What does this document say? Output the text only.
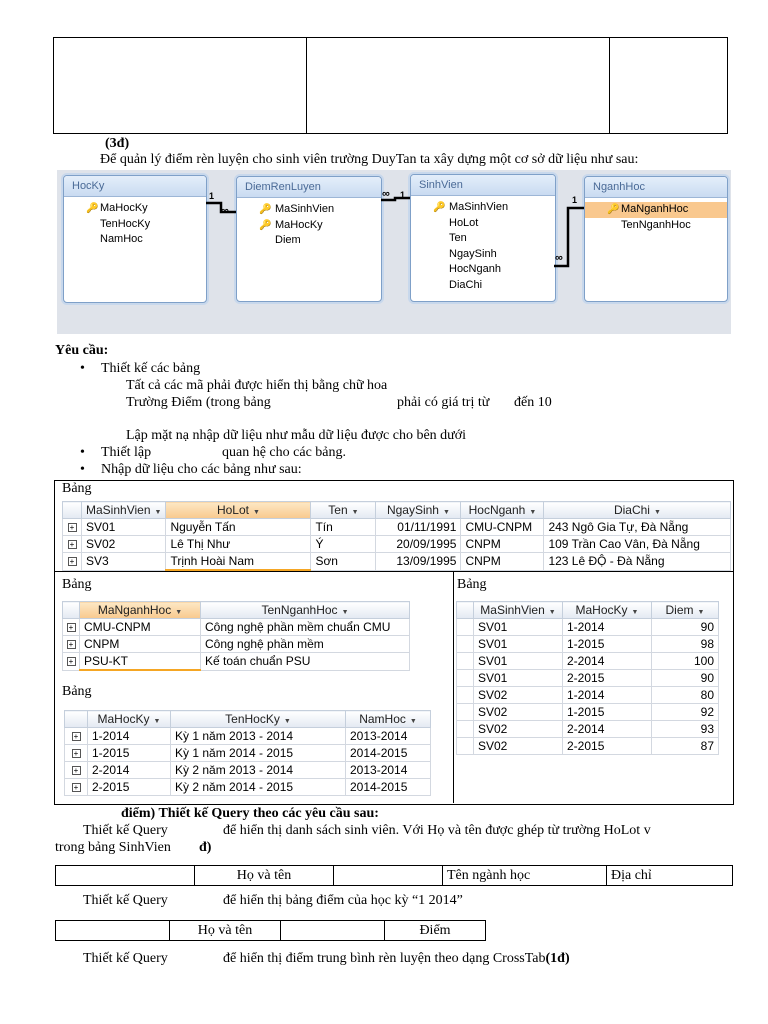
(3đ)
Để quản lý điểm rèn luyện cho sinh viên trường DuyTan ta xây dựng một cơ sở dữ liệu như sau:
HocKy
🔑 MaHocKy
TenHocKy
NamHoc
DiemRenLuyen
🔑 MaSinhVien
🔑 MaHocKy
Diem
SinhVien
🔑 MaSinhVien
HoLot
Ten
NgaySinh
HocNganh
DiaChi
NganhHoc
🔑 MaNganhHoc
TenNganhHoc
1
∞
∞ 1	1
∞
Yêu cầu:
• Thiết kế các bảng
Tất cả các mã phải được hiển thị bằng chữ hoa
Trường Điểm (trong bảng	phải có giá trị từ đến 10
Lập mặt nạ nhập dữ liệu như mẫu dữ liệu được cho bên dưới
• Thiết lập	quan hệ cho các bảng.
• Nhập dữ liệu cho các bảng như sau:
Bảng
	MaSinhVien ▼	HoLot ▼	Ten ▼	NgaySinh ▼	HocNganh ▼	DiaChi ▼
+	SV01	Nguyễn Tấn	Tín	01/11/1991	CMU-CNPM	243 Ngô Gia Tự, Đà Nẵng
+	SV02	Lê Thị Như	Ý	20/09/1995	CNPM	109 Trần Cao Vân, Đà Nẵng
+	SV3	Trịnh Hoài Nam	Sơn	13/09/1995	CNPM	123 Lê ĐỘ - Đà Nẵng
Bảng
	MaNganhHoc ▼	TenNganhHoc ▼
+	CMU-CNPM	Công nghệ phần mềm chuẩn CMU
+	CNPM	Công nghệ phần mềm
+	PSU-KT	Kế toán chuẩn PSU
Bảng
	MaHocKy ▼	TenHocKy ▼	NamHoc ▼
+	1-2014	Kỳ 1 năm 2013 - 2014	2013-2014
+	1-2015	Kỳ 1 năm 2014 - 2015	2014-2015
+	2-2014	Kỳ 2 năm 2013 - 2014	2013-2014
+	2-2015	Kỳ 2 năm 2014 - 2015	2014-2015
Bảng
	MaSinhVien ▼	MaHocKy ▼	Diem ▼
	SV01	1-2014	90
	SV01	1-2015	98
	SV01	2-2014	100
	SV01	2-2015	90
	SV02	1-2014	80
	SV02	1-2015	92
	SV02	2-2014	93
	SV02	2-2015	87
điểm) Thiết kế Query theo các yêu cầu sau:
Thiết kế Query	để hiển thị danh sách sinh viên. Với Họ và tên được ghép từ trường HoLot v
trong bảng SinhVien đ)
	Họ và tên		Tên ngành học	Địa chỉ
Thiết kế Query	để hiển thị bảng điểm của học kỳ “1 2014”
	Họ và tên		Điểm
Thiết kế Query	để hiển thị điểm trung bình rèn luyện theo dạng CrossTab(1đ)
